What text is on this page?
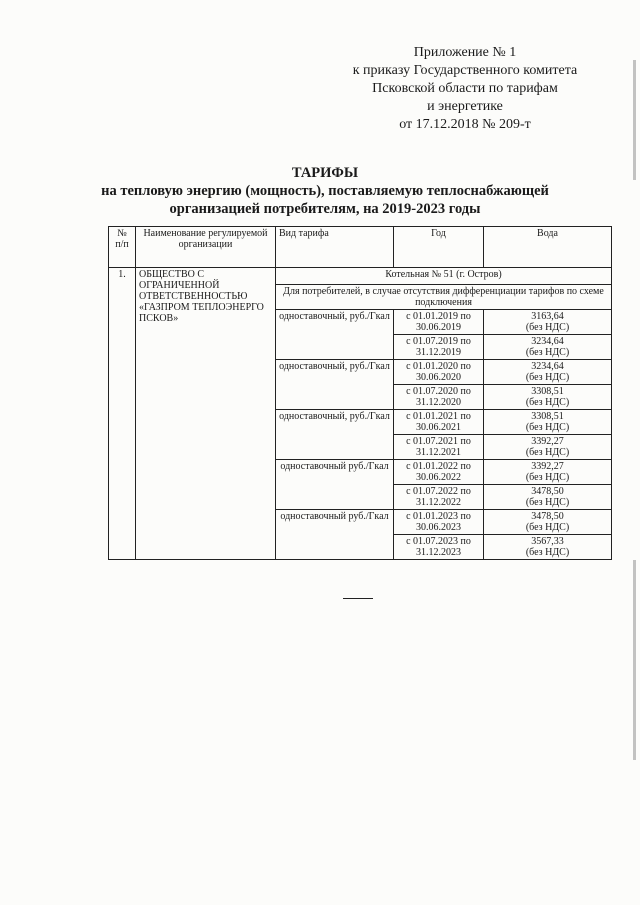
Приложение № 1
к приказу Государственного комитета
Псковской области по тарифам
и энергетике
от 17.12.2018 № 209-т
ТАРИФЫ
на тепловую энергию (мощность), поставляемую теплоснабжающей
организацией потребителям, на 2019-2023 годы
№ п/п	Наименование регулируемой организации	Вид тарифа	Год	Вода
1.	ОБЩЕСТВО С ОГРАНИЧЕННОЙ ОТВЕТСТВЕННОСТЬЮ «ГАЗПРОМ ТЕПЛОЭНЕРГО ПСКОВ»	Котельная № 51 (г. Остров)		
		Для потребителей, в случае отсутствия дифференциации тарифов по схеме подключения		
		одноставочный, руб./Гкал	с 01.01.2019 по 30.06.2019	3163,64
(без НДС)

			с 01.07.2019 по 31.12.2019	3234,64
(без НДС)

		одноставочный, руб./Гкал	с 01.01.2020 по 30.06.2020	3234,64
(без НДС)

			с 01.07.2020 по 31.12.2020	3308,51
(без НДС)

		одноставочный, руб./Гкал	с 01.01.2021 по 30.06.2021	3308,51
(без НДС)

			с 01.07.2021 по 31.12.2021	3392,27
(без НДС)

		одноставочный руб./Гкал	с 01.01.2022 по 30.06.2022	3392,27
(без НДС)

			с 01.07.2022 по 31.12.2022	3478,50
(без НДС)

		одноставочный руб./Гкал	с 01.01.2023 по 30.06.2023	3478,50
(без НДС)

			с 01.07.2023 по 31.12.2023	3567,33
(без НДС)
